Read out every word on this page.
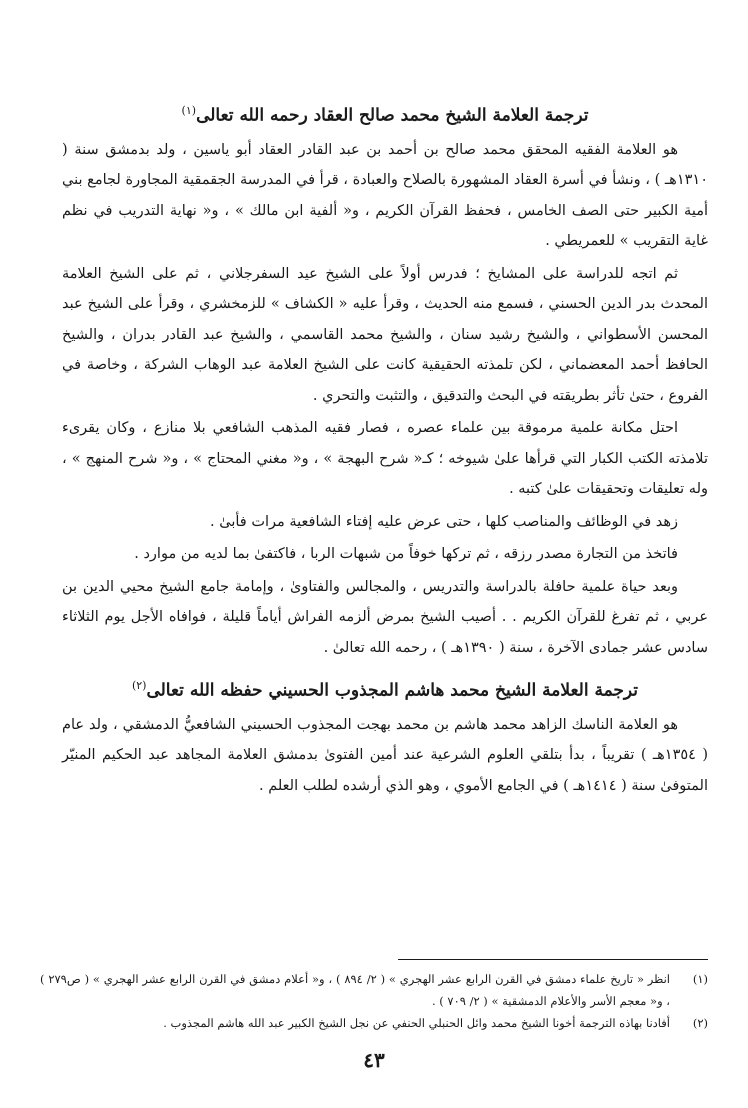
ترجمة العلامة الشيخ محمد صالح العقاد رحمه الله تعالى$^{(١)}$

هو العلامة الفقيه المحقق محمد صالح بن أحمد بن عبد القادر العقاد أبو ياسين ، ولد بدمشق سنة ( ١٣١٠هـ ) ، ونشأ في أسرة العقاد المشهورة بالصلاح والعبادة ، قرأ في المدرسة الجقمقية المجاورة لجامع بني أمية الكبير حتى الصف الخامس ، فحفظ القرآن الكريم ، و« ألفية ابن مالك » ، و« نهاية التدريب في نظم غاية التقريب » للعمريطي .

ثم اتجه للدراسة على المشايخ ؛ فدرس أولاً على الشيخ عيد السفرجلاني ، ثم على الشيخ العلامة المحدث بدر الدين الحسني ، فسمع منه الحديث ، وقرأ عليه « الكشاف » للزمخشري ، وقرأ على الشيخ عبد المحسن الأسطواني ، والشيخ رشيد سنان ، والشيخ محمد القاسمي ، والشيخ عبد القادر بدران ، والشيخ الحافظ أحمد المعضماني ، لكن تلمذته الحقيقية كانت على الشيخ العلامة عبد الوهاب الشركة ، وخاصة في الفروع ، حتىٰ تأثر بطريقته في البحث والتدقيق ، والتثبت والتحري .

احتل مكانة علمية مرموقة بين علماء عصره ، فصار فقيه المذهب الشافعي بلا منازع ، وكان يقرىء تلامذته الكتب الكبار التي قرأها علىٰ شيوخه ؛ كـ« شرح البهجة » ، و« مغني المحتاج » ، و« شرح المنهج » ، وله تعليقات وتحقيقات علىٰ كتبه .

زهد في الوظائف والمناصب كلها ، حتى عرض عليه إفتاء الشافعية مرات فأبىٰ .

فاتخذ من التجارة مصدر رزقه ، ثم تركها خوفاً من شبهات الربا ، فاكتفىٰ بما لديه من موارد .

وبعد حياة علمية حافلة بالدراسة والتدريس ، والمجالس والفتاوىٰ ، وإمامة جامع الشيخ محيي الدين بن عربي ، ثم تفرغ للقرآن الكريم . . أصيب الشيخ بمرض ألزمه الفراش أياماً قليلة ، فوافاه الأجل يوم الثلاثاء سادس عشر جمادى الآخرة ، سنة ( ١٣٩٠هـ ) ، رحمه الله تعالىٰ .

ترجمة العلامة الشيخ محمد هاشم المجذوب الحسيني حفظه الله تعالى$^{(٢)}$

هو العلامة الناسك الزاهد محمد هاشم بن محمد بهجت المجذوب الحسيني الشافعيُّ الدمشقي ، ولد عام ( ١٣٥٤هـ ) تقريباً ، بدأ بتلقي العلوم الشرعية عند أمين الفتوىٰ بدمشق العلامة المجاهد عبد الحكيم المنيّر المتوفىٰ سنة ( ١٤١٤هـ ) في الجامع الأموي ، وهو الذي أرشده لطلب العلم .

(١)
انظر « تاريخ علماء دمشق في القرن الرابع عشر الهجري » ( ٢/ ٨٩٤ ) ، و« أعلام دمشق في القرن الرابع عشر الهجري » ( ص٢٧٩ ) ، و« معجم الأسر والأعلام الدمشقية » ( ٢/ ٧٠٩ ) .
(٢)
أفادنا بهاذه الترجمة أخونا الشيخ محمد وائل الحنبلي الحنفي عن نجل الشيخ الكبير عبد الله هاشم المجذوب .
٤٣
